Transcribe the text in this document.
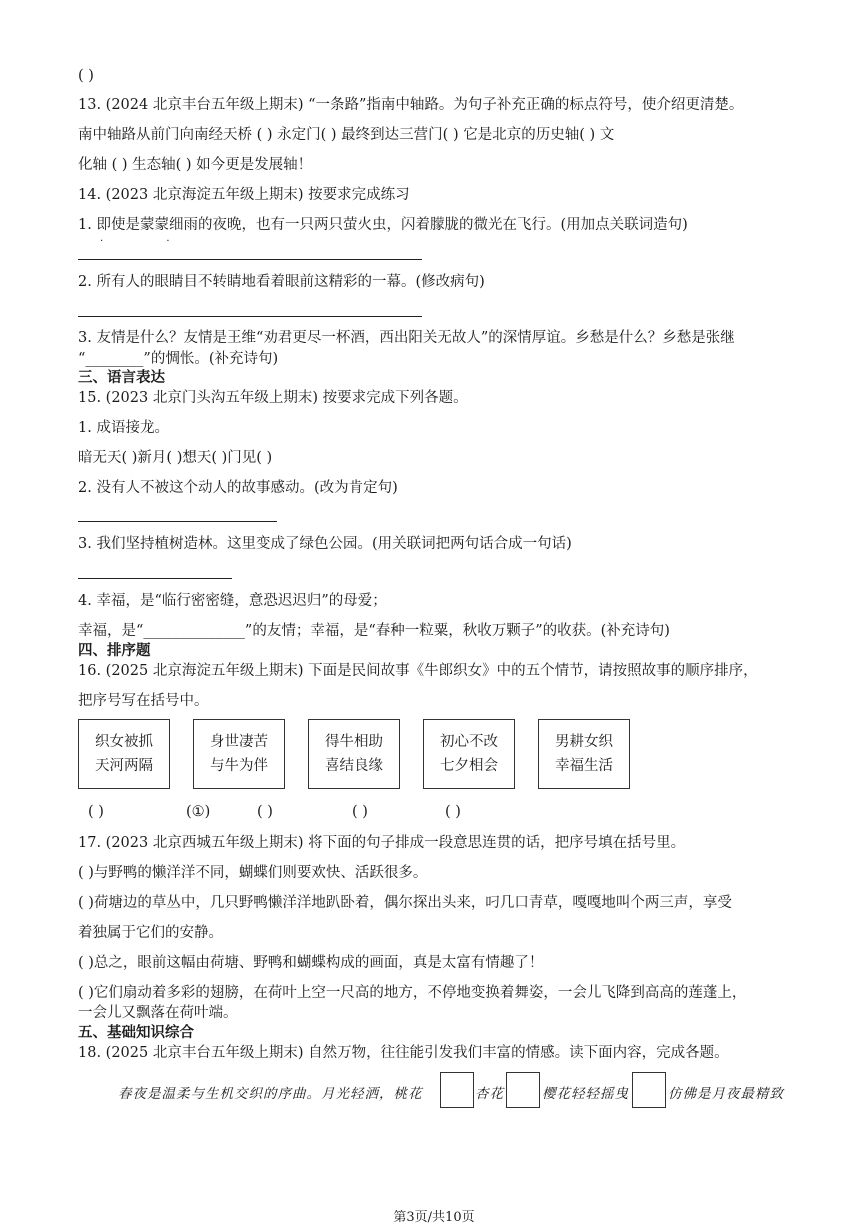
( )
13. (2024 北京丰台五年级上期末) “一条路”指南中轴路。为句子补充正确的标点符号，使介绍更清楚。
南中轴路从前门向南经天桥 ( ) 永定门( ) 最终到达三营门( ) 它是北京的历史轴( ) 文
化轴 ( ) 生态轴( ) 如今更是发展轴！
14. (2023 北京海淀五年级上期末) 按要求完成练习
1. 即使是蒙蒙细雨的夜晚，也有一只两只萤火虫，闪着朦胧的微光在飞行。(用加点关联词造句)
· ·
2. 所有人的眼睛目不转睛地看着眼前这精彩的一幕。(修改病句)
3. 友情是什么？友情是王维“劝君更尽一杯酒，西出阳关无故人”的深情厚谊。乡愁是什么？乡愁是张继
“________”的惆怅。(补充诗句)
三、语言表达
15. (2023 北京门头沟五年级上期末) 按要求完成下列各题。
1. 成语接龙。
暗无天( )新月( )想天( )门见( )
2. 没有人不被这个动人的故事感动。(改为肯定句)
3. 我们坚持植树造林。这里变成了绿色公园。(用关联词把两句话合成一句话)
4. 幸福，是“临行密密缝，意恐迟迟归”的母爱；
幸福，是“______________”的友情；幸福，是“春种一粒粟，秋收万颗子”的收获。(补充诗句)
四、排序题
16. (2025 北京海淀五年级上期末) 下面是民间故事《牛郎织女》中的五个情节，请按照故事的顺序排序，
把序号写在括号中。
织女被抓
天河两隔
身世凄苦
与牛为伴
得牛相助
喜结良缘
初心不改
七夕相会
男耕女织
幸福生活
( )	(①)	( )	( )	( )
17. (2023 北京西城五年级上期末) 将下面的句子排成一段意思连贯的话，把序号填在括号里。
( )与野鸭的懒洋洋不同，蝴蝶们则要欢快、活跃很多。
( )荷塘边的草丛中，几只野鸭懒洋洋地趴卧着，偶尔探出头来，叼几口青草，嘎嘎地叫个两三声，享受
着独属于它们的安静。
( )总之，眼前这幅由荷塘、野鸭和蝴蝶构成的画面，真是太富有情趣了！
( )它们扇动着多彩的翅膀，在荷叶上空一尺高的地方，不停地变换着舞姿，一会儿飞降到高高的莲蓬上，
一会儿又飘落在荷叶端。
五、基础知识综合
18. (2025 北京丰台五年级上期末) 自然万物，往往能引发我们丰富的情感。读下面内容，完成各题。
春夜是温柔与生机交织的序曲。月光轻洒，桃花	杏花	樱花轻轻摇曳	仿佛是月夜最精致
第3页/共10页
